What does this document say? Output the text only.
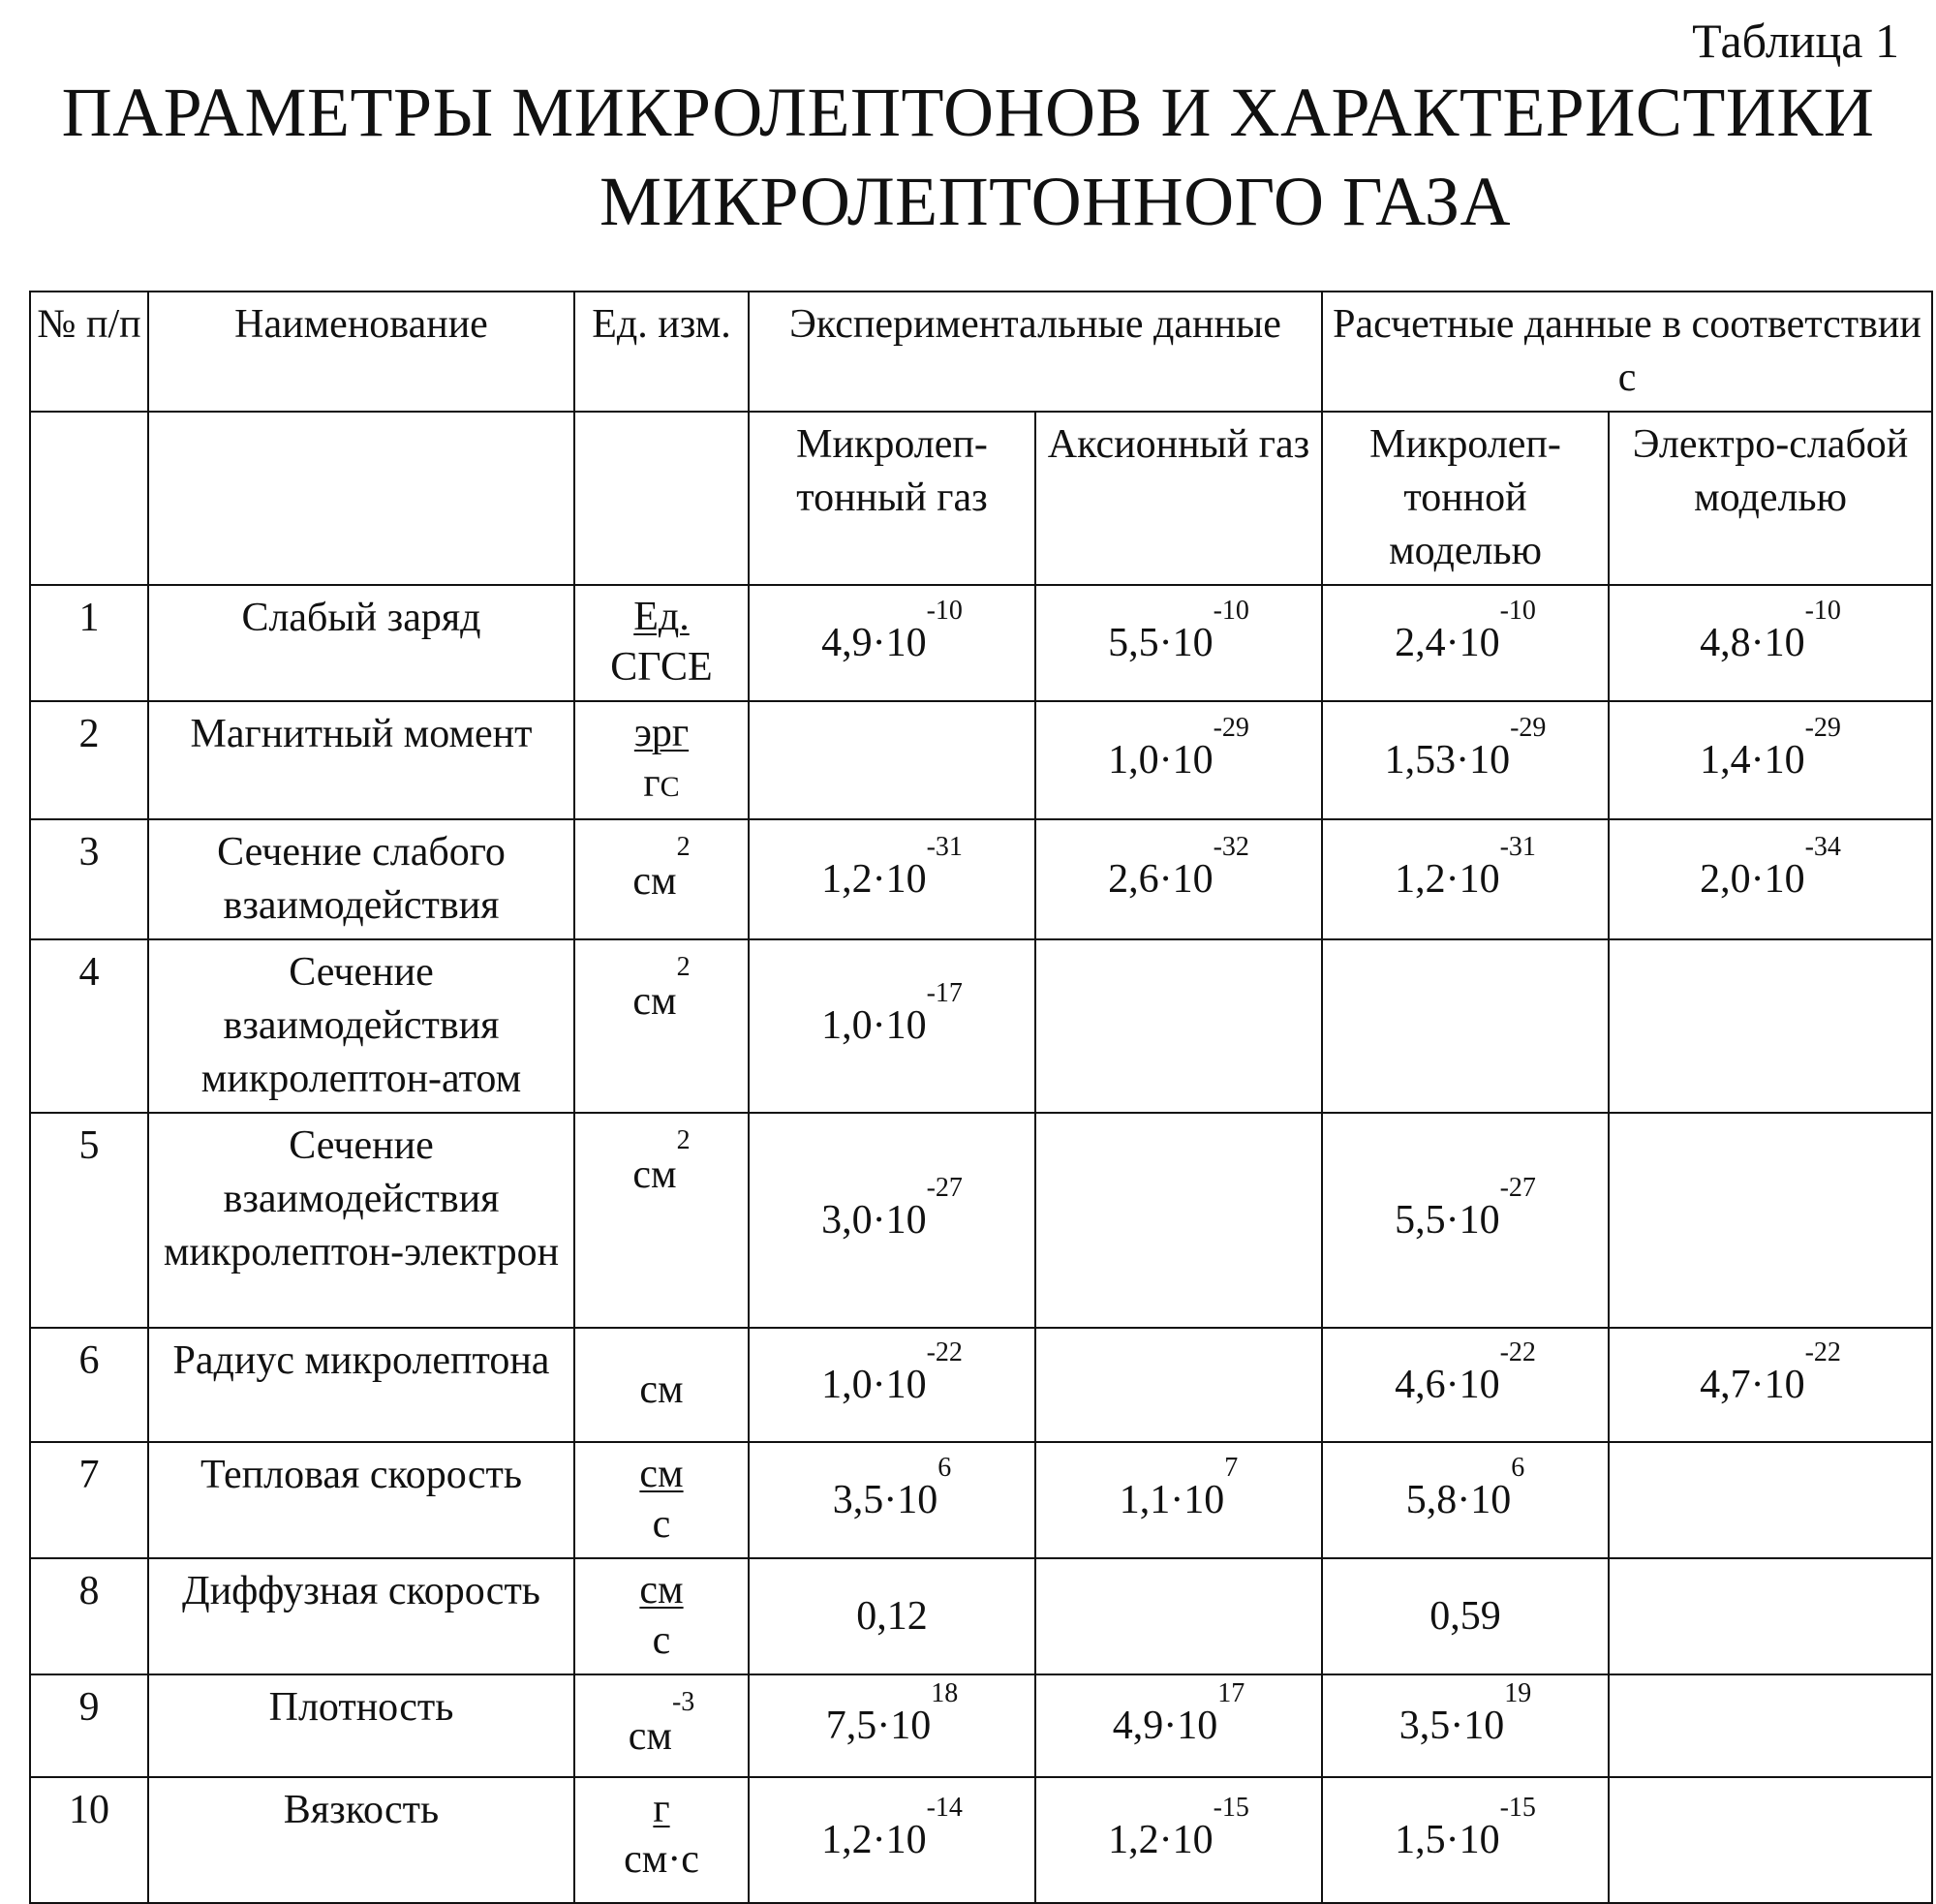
Таблица 1
ПАРАМЕТРЫ МИКРОЛЕПТОНОВ И ХАРАКТЕРИСТИКИ
МИКРОЛЕПТОННОГО ГАЗА
№ п/п	Наименование	Ед. изм.	Экспериментальные данные		Расчетные данные в соответствии с	
			Микролеп-тонный газ	Аксионный газ	Микролеп-тонной моделью	Электро-слабой моделью
1	Слабый заряд	$\frac{Ед.}{\text{СГСЕ}}$	$4,9\cdot 10^{-10}$	$5,5\cdot 10^{-10}$	$2,4\cdot 10^{-10}$	$4,8\cdot 10^{-10}$
2	Магнитный момент	$\frac{\text{эрг}}{гС}$		$1,0\cdot 10^{-29}$	$1,53\cdot 10^{-29}$	$1,4\cdot 10^{-29}$
3	Сечение слабого взаимодействия	$см^2$	$1,2\cdot 10^{-31}$	$2,6\cdot 10^{-32}$	$1,2\cdot 10^{-31}$	$2,0\cdot 10^{-34}$
4	Сечение взаимодействия микролептон-атом	$см^2$	$1,0\cdot 10^{-17}$			
5	Сечение взаимодействия микролептон-электрон	$см^2$	$3,0\cdot 10^{-27}$		$5,5\cdot 10^{-27}$	
6	Радиус микролептона	см	$1,0\cdot 10^{-22}$		$4,6\cdot 10^{-22}$	$4,7\cdot 10^{-22}$
7	Тепловая скорость	$\frac{см}{с}$	$3,5\cdot 10^6$	$1,1\cdot 10^7$	$5,8\cdot 10^6$	
8	Диффузная скорость	$\frac{см}{с}$	0,12		0,59	
9	Плотность	$см^{-3}$	$7,5\cdot 10^{18}$	$4,9\cdot 10^{17}$	$3,5\cdot 10^{19}$	
10	Вязкость	$\frac{г}{см\cdot с}$	$1,2\cdot 10^{-14}$	$1,2\cdot 10^{-15}$	$1,5\cdot 10^{-15}$	
